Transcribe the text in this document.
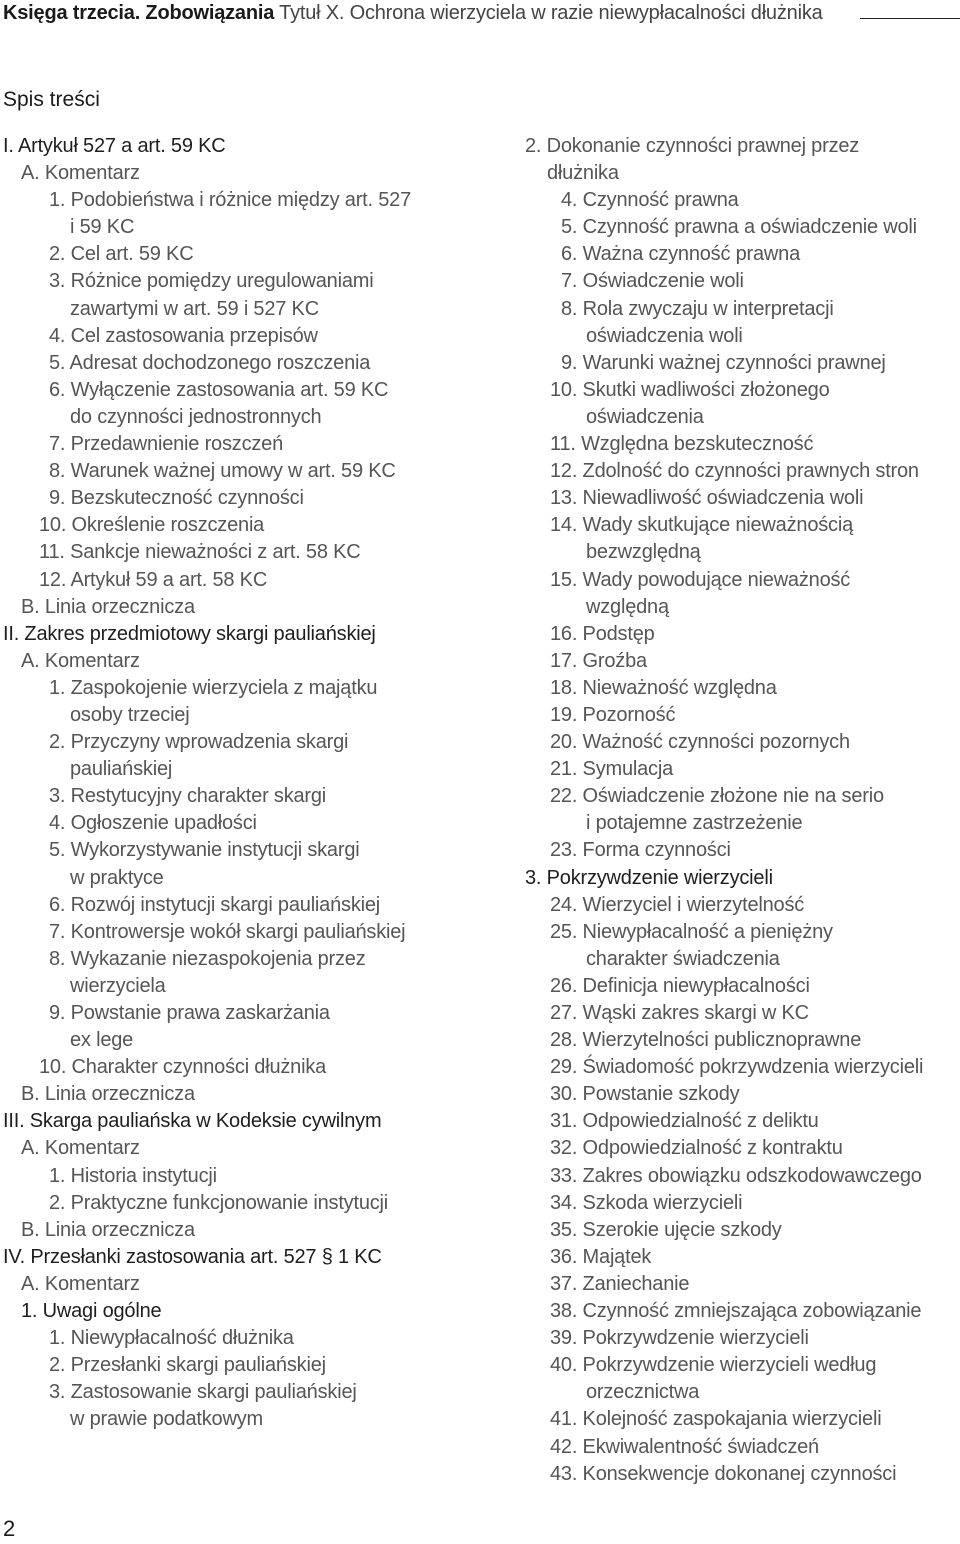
Księga trzecia. Zobowiązania Tytuł X. Ochrona wierzyciela w razie niewypłacalności dłużnika
Spis treści
I. Artykuł 527 a art. 59 KC
A. Komentarz
1. Podobieństwa i różnice między art. 527
i 59 KC
2. Cel art. 59 KC
3. Różnice pomiędzy uregulowaniami
zawartymi w art. 59 i 527 KC
4. Cel zastosowania przepisów
5. Adresat dochodzonego roszczenia
6. Wyłączenie zastosowania art. 59 KC
do czynności jednostronnych
7. Przedawnienie roszczeń
8. Warunek ważnej umowy w art. 59 KC
9. Bezskuteczność czynności
10. Określenie roszczenia
11. Sankcje nieważności z art. 58 KC
12. Artykuł 59 a art. 58 KC
B. Linia orzecznicza
II. Zakres przedmiotowy skargi pauliańskiej
A. Komentarz
1. Zaspokojenie wierzyciela z majątku
osoby trzeciej
2. Przyczyny wprowadzenia skargi
pauliańskiej
3. Restytucyjny charakter skargi
4. Ogłoszenie upadłości
5. Wykorzystywanie instytucji skargi
w praktyce
6. Rozwój instytucji skargi pauliańskiej
7. Kontrowersje wokół skargi pauliańskiej
8. Wykazanie niezaspokojenia przez
wierzyciela
9. Powstanie prawa zaskarżania
ex lege
10. Charakter czynności dłużnika
B. Linia orzecznicza
III. Skarga pauliańska w Kodeksie cywilnym
A. Komentarz
1. Historia instytucji
2. Praktyczne funkcjonowanie instytucji
B. Linia orzecznicza
IV. Przesłanki zastosowania art. 527 § 1 KC
A. Komentarz
1. Uwagi ogólne
1. Niewypłacalność dłużnika
2. Przesłanki skargi pauliańskiej
3. Zastosowanie skargi pauliańskiej
w prawie podatkowym
2. Dokonanie czynności prawnej przez
dłużnika
4. Czynność prawna
5. Czynność prawna a oświadczenie woli
6. Ważna czynność prawna
7. Oświadczenie woli
8. Rola zwyczaju w interpretacji
oświadczenia woli
9. Warunki ważnej czynności prawnej
10. Skutki wadliwości złożonego
oświadczenia
11. Względna bezskuteczność
12. Zdolność do czynności prawnych stron
13. Niewadliwość oświadczenia woli
14. Wady skutkujące nieważnością
bezwzględną
15. Wady powodujące nieważność
względną
16. Podstęp
17. Groźba
18. Nieważność względna
19. Pozorność
20. Ważność czynności pozornych
21. Symulacja
22. Oświadczenie złożone nie na serio
i potajemne zastrzeżenie
23. Forma czynności
3. Pokrzywdzenie wierzycieli
24. Wierzyciel i wierzytelność
25. Niewypłacalność a pieniężny
charakter świadczenia
26. Definicja niewypłacalności
27. Wąski zakres skargi w KC
28. Wierzytelności publicznoprawne
29. Świadomość pokrzywdzenia wierzycieli
30. Powstanie szkody
31. Odpowiedzialność z deliktu
32. Odpowiedzialność z kontraktu
33. Zakres obowiązku odszkodowawczego
34. Szkoda wierzycieli
35. Szerokie ujęcie szkody
36. Majątek
37. Zaniechanie
38. Czynność zmniejszająca zobowiązanie
39. Pokrzywdzenie wierzycieli
40. Pokrzywdzenie wierzycieli według
orzecznictwa
41. Kolejność zaspokajania wierzycieli
42. Ekwiwalentność świadczeń
43. Konsekwencje dokonanej czynności
2
